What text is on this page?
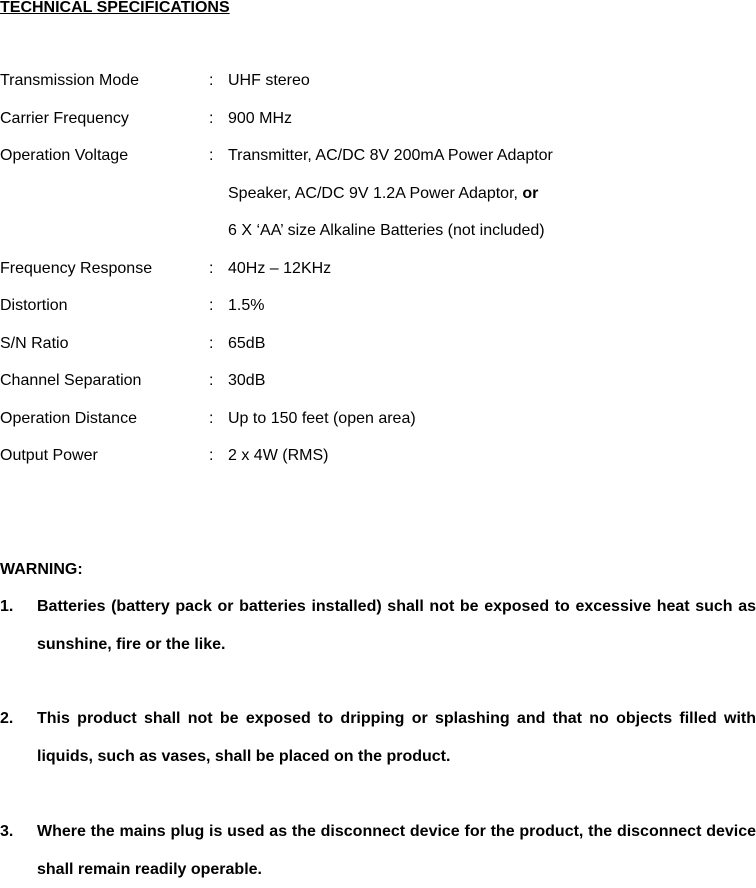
TECHNICAL SPECIFICATIONS
Transmission Mode	: UHF stereo
Carrier Frequency	: 900 MHz
Operation Voltage	: Transmitter, AC/DC 8V 200mA Power Adaptor
Speaker, AC/DC 9V 1.2A Power Adaptor, or
6 X ‘AA’ size Alkaline Batteries (not included)
Frequency Response	: 40Hz – 12KHz
Distortion	: 1.5%
S/N Ratio	: 65dB
Channel Separation	: 30dB
Operation Distance	: Up to 150 feet (open area)
Output Power	: 2 x 4W (RMS)
WARNING:
1. Batteries (battery pack or batteries installed) shall not be exposed to excessive heat such as sunshine, fire or the like.
2. This product shall not be exposed to dripping or splashing and that no objects filled with liquids, such as vases, shall be placed on the product.
3. Where the mains plug is used as the disconnect device for the product, the disconnect device shall remain readily operable.
